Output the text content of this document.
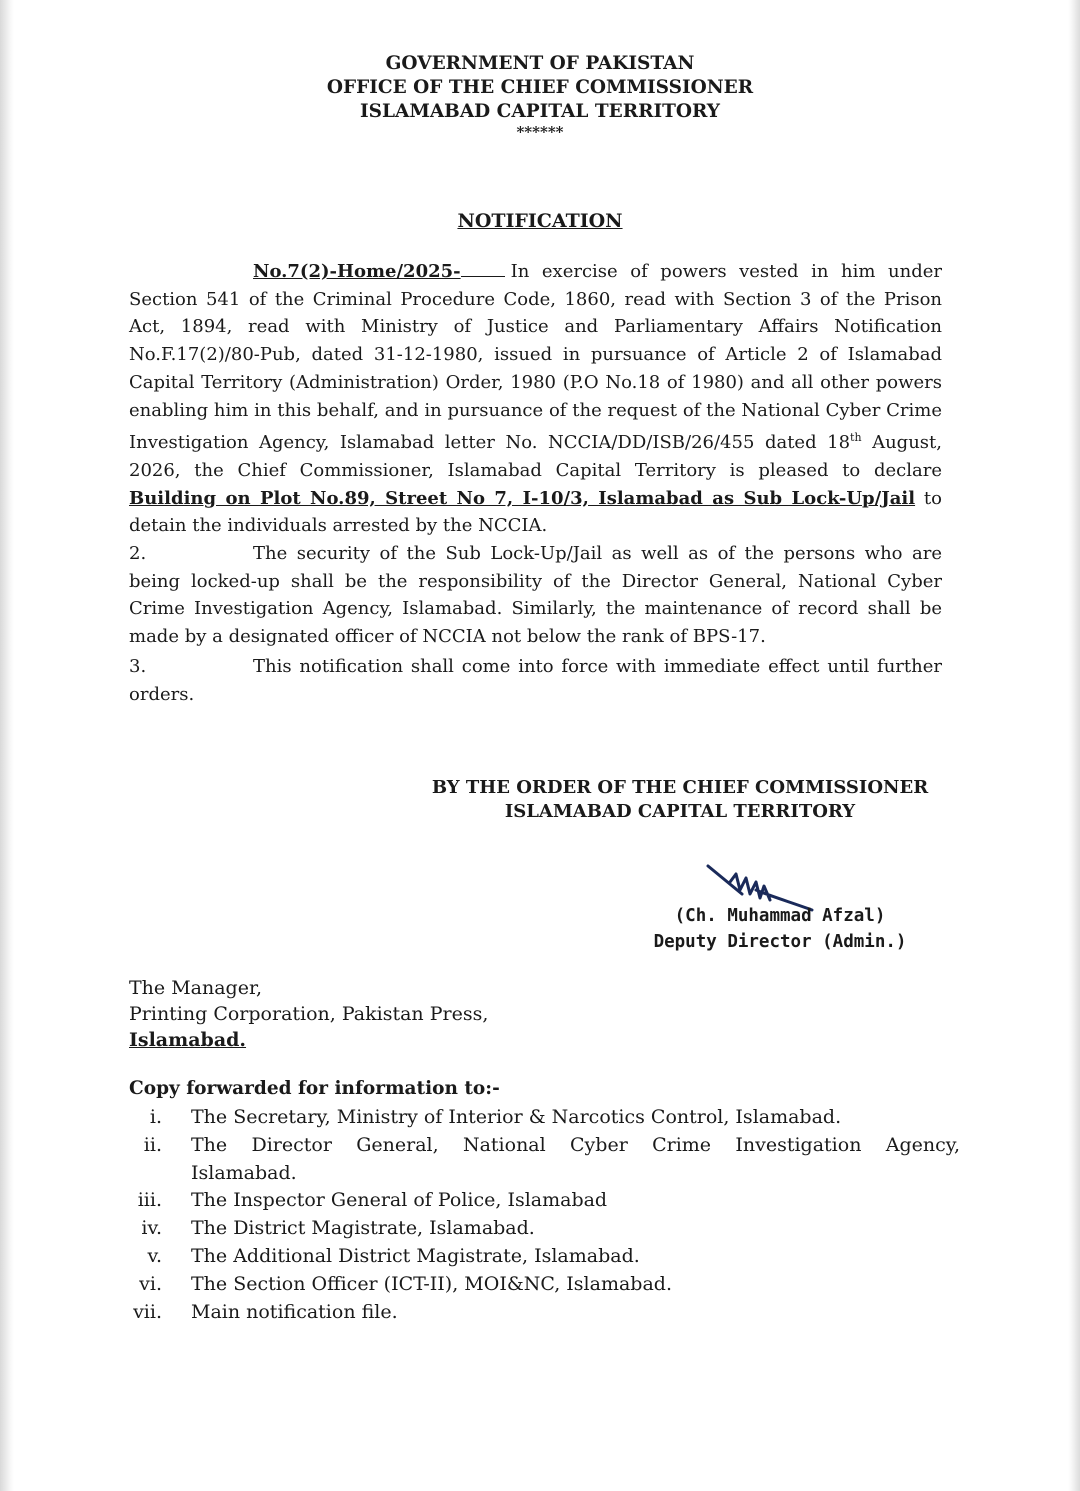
GOVERNMENT OF PAKISTAN
OFFICE OF THE CHIEF COMMISSIONER
ISLAMABAD CAPITAL TERRITORY
******
NOTIFICATION

No.7(2)-Home/2025-	In exercise of powers vested in him under Section 541 of the Criminal Procedure Code, 1860, read with Section 3 of the Prison Act, 1894, read with Ministry of Justice and Parliamentary Affairs Notification No.F.17(2)/80-Pub, dated 31-12-1980, issued in pursuance of Article 2 of Islamabad Capital Territory (Administration) Order, 1980 (P.O No.18 of 1980) and all other powers enabling him in this behalf, and in pursuance of the request of the National Cyber Crime Investigation Agency, Islamabad letter No. NCCIA/DD/ISB/26/455 dated 18th August, 2026, the Chief Commissioner, Islamabad Capital Territory is pleased to declare Building on Plot No.89, Street No 7, I-10/3, Islamabad as Sub Lock-Up/Jail to detain the individuals arrested by the NCCIA.

2.	The security of the Sub Lock-Up/Jail as well as of the persons who are being locked-up shall be the responsibility of the Director General, National Cyber Crime Investigation Agency, Islamabad. Similarly, the maintenance of record shall be made by a designated officer of NCCIA not below the rank of BPS-17.

3.	This notification shall come into force with immediate effect until further orders.

BY THE ORDER OF THE CHIEF COMMISSIONER
ISLAMABAD CAPITAL TERRITORY
(Ch. Muhammad Afzal)
Deputy Director (Admin.)
The Manager,
Printing Corporation, Pakistan Press,
Islamabad.
Copy forwarded for information to:-
i.	The Secretary, Ministry of Interior & Narcotics Control, Islamabad.
ii.	The Director General, National Cyber Crime Investigation Agency,
Islamabad.
iii.	The Inspector General of Police, Islamabad
iv.	The District Magistrate, Islamabad.
v.	The Additional District Magistrate, Islamabad.
vi.	The Section Officer (ICT-II), MOI&NC, Islamabad.
vii.	Main notification file.
